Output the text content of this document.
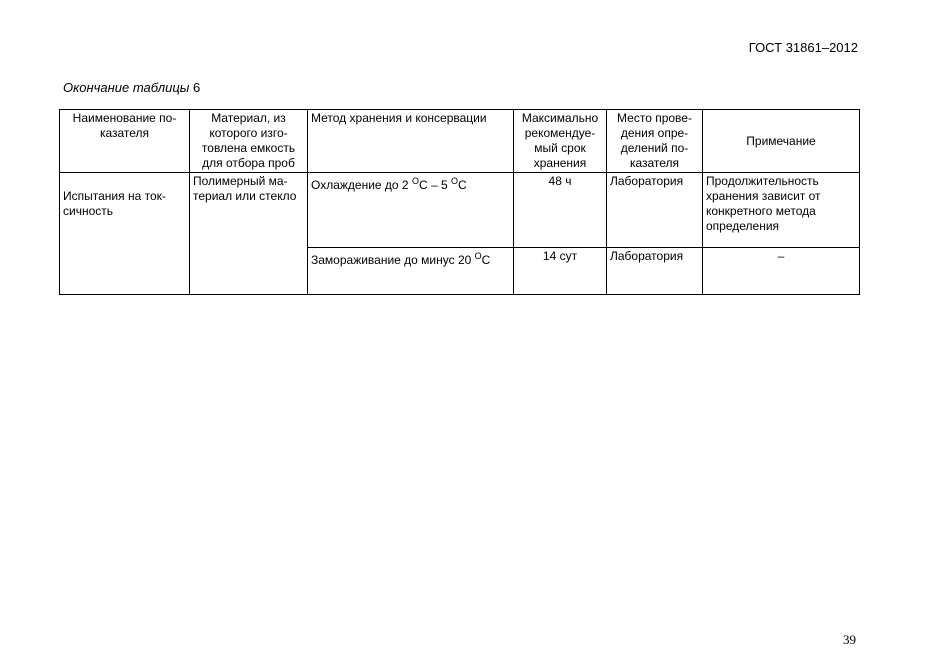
ГОСТ 31861–2012
Окончание таблицы 6
Наименование по-казателя	Материал, из которого изго-товлена емкость для отбора проб	Метод хранения и консервации	Максимально рекомендуе-мый срок хранения	Место прове-дения опре-делений по-казателя	Примечание

Испытания на ток-сичность	Полимерный ма-териал или стекло	Охлаждение до 2 $^O$С – 5 $^O$С	48 ч	Лаборатория	Продолжительность хранения зависит от конкретного метода определения
		Замораживание до минус 20 $^O$С	14 сут	Лаборатория	–
39
